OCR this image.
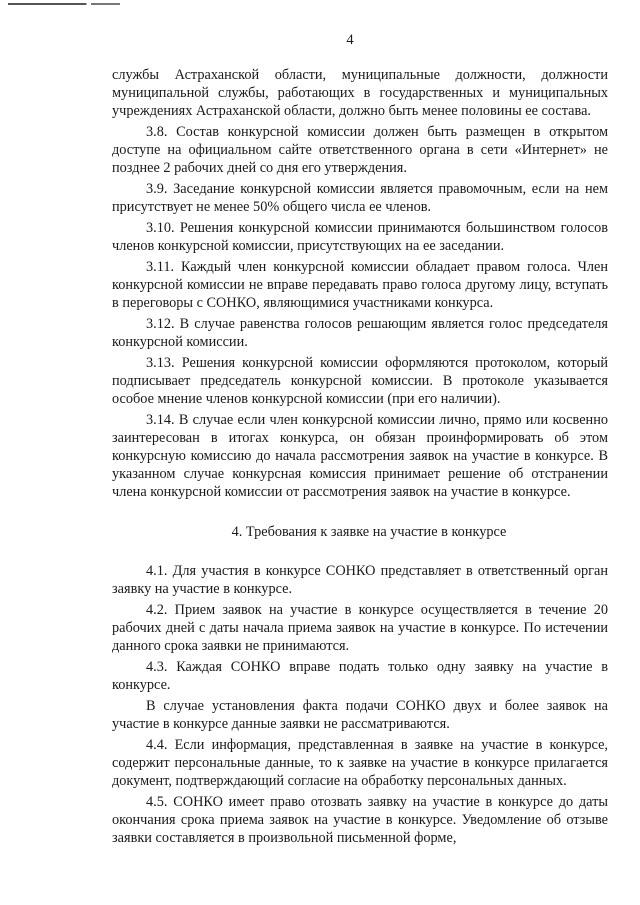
4

службы Астраханской области, муниципальные должности, должности муниципальной службы, работающих в государственных и муниципальных учреждениях Астраханской области, должно быть менее половины ее состава.

3.8. Состав конкурсной комиссии должен быть размещен в открытом доступе на официальном сайте ответственного органа в сети «Интернет» не позднее 2 рабочих дней со дня его утверждения.

3.9. Заседание конкурсной комиссии является правомочным, если на нем присутствует не менее 50% общего числа ее членов.

3.10. Решения конкурсной комиссии принимаются большинством голосов членов конкурсной комиссии, присутствующих на ее заседании.

3.11. Каждый член конкурсной комиссии обладает правом голоса. Член конкурсной комиссии не вправе передавать право голоса другому лицу, вступать в переговоры с СОНКО, являющимися участниками конкурса.

3.12. В случае равенства голосов решающим является голос председателя конкурсной комиссии.

3.13. Решения конкурсной комиссии оформляются протоколом, который подписывает председатель конкурсной комиссии. В протоколе указывается особое мнение членов конкурсной комиссии (при его наличии).

3.14. В случае если член конкурсной комиссии лично, прямо или косвенно заинтересован в итогах конкурса, он обязан проинформировать об этом конкурсную комиссию до начала рассмотрения заявок на участие в конкурсе. В указанном случае конкурсная комиссия принимает решение об отстранении члена конкурсной комиссии от рассмотрения заявок на участие в конкурсе.

4. Требования к заявке на участие в конкурсе

4.1. Для участия в конкурсе СОНКО представляет в ответственный орган заявку на участие в конкурсе.

4.2. Прием заявок на участие в конкурсе осуществляется в течение 20 рабочих дней с даты начала приема заявок на участие в конкурсе. По истечении данного срока заявки не принимаются.

4.3. Каждая СОНКО вправе подать только одну заявку на участие в конкурсе.

В случае установления факта подачи СОНКО двух и более заявок на участие в конкурсе данные заявки не рассматриваются.

4.4. Если информация, представленная в заявке на участие в конкурсе, содержит персональные данные, то к заявке на участие в конкурсе прилагается документ, подтверждающий согласие на обработку персональных данных.

4.5. СОНКО имеет право отозвать заявку на участие в конкурсе до даты окончания срока приема заявок на участие в конкурсе. Уведомление об отзыве заявки составляется в произвольной письменной форме,
